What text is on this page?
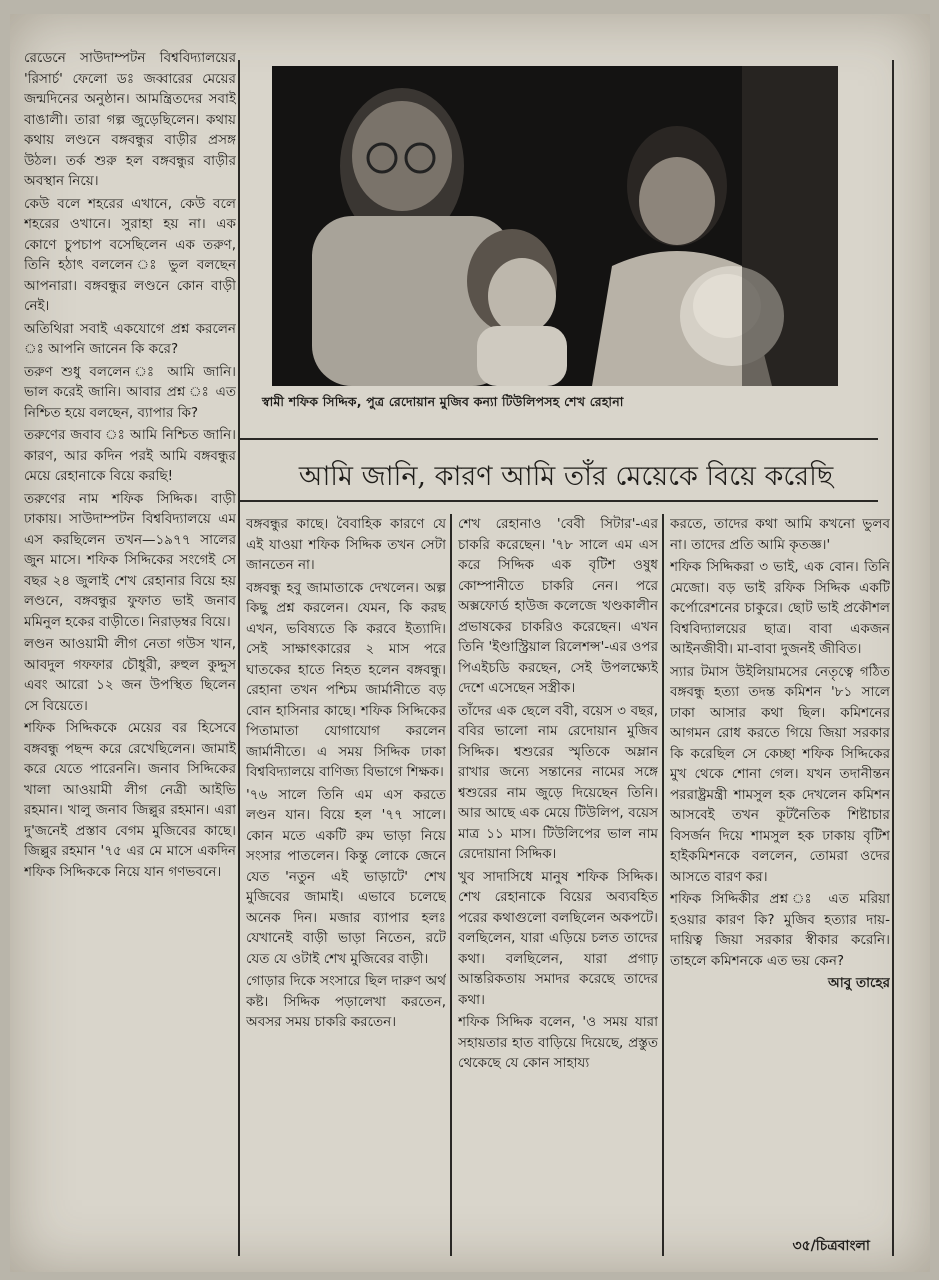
স্বামী শফিক সিদ্দিক, পুত্র রেদোয়ান মুজিব কন্যা টিউলিপসহ শেখ রেহানা
আমি জানি, কারণ আমি তাঁর মেয়েকে বিয়ে করেছি

রেডেনে সাউদাম্পটন বিশ্ববিদ্যালয়ের 'রিসার্চ' ফেলো ডঃ জব্বারের মেয়ের জন্মদিনের অনুষ্ঠান। আমন্ত্রিতদের সবাই বাঙালী। তারা গল্প জুড়েছিলেন। কথায় কথায় লণ্ডনে বঙ্গবন্ধুর বাড়ীর প্রসঙ্গ উঠল। তর্ক শুরু হল বঙ্গবন্ধুর বাড়ীর অবস্থান নিয়ে।

কেউ বলে শহরের এখানে, কেউ বলে শহরের ওখানে। সুরাহা হয় না। এক কোণে চুপচাপ বসেছিলেন এক তরুণ, তিনি হঠাৎ বললেন ঃ ভুল বলছেন আপনারা। বঙ্গবন্ধুর লণ্ডনে কোন বাড়ী নেই।

অতিথিরা সবাই একযোগে প্রশ্ন করলেন ঃ আপনি জানেন কি করে?

তরুণ শুধু বললেন ঃ আমি জানি। ভাল করেই জানি। আবার প্রশ্ন ঃ এত নিশ্চিত হয়ে বলছেন, ব্যাপার কি?

তরুণের জবাব ঃ আমি নিশ্চিত জানি। কারণ, আর কদিন পরই আমি বঙ্গবন্ধুর মেয়ে রেহানাকে বিয়ে করছি!

তরুণের নাম শফিক সিদ্দিক। বাড়ী ঢাকায়। সাউদাম্পটন বিশ্ববিদ্যালয়ে এম এস করছিলেন তখন—১৯৭৭ সালের জুন মাসে। শফিক সিদ্দিকের সংগেই সে বছর ২৪ জুলাই শেখ রেহানার বিয়ে হয় লণ্ডনে, বঙ্গবন্ধুর ফুফাত ভাই জনাব মমিনুল হকের বাড়ীতে। নিরাড়ম্বর বিয়ে।

লণ্ডন আওয়ামী লীগ নেতা গউস খান, আবদুল গফফার চৌধুরী, রুহুল কুদ্দুস এবং আরো ১২ জন উপস্থিত ছিলেন সে বিয়েতে।

শফিক সিদ্দিককে মেয়ের বর হিসেবে বঙ্গবন্ধু পছন্দ করে রেখেছিলেন। জামাই করে যেতে পারেননি। জনাব সিদ্দিকের খালা আওয়ামী লীগ নেত্রী আইভি রহমান। খালু জনাব জিল্লুর রহমান। এরা দু'জনেই প্রস্তাব বেগম মুজিবের কাছে। জিল্লুর রহমান '৭৫ এর মে মাসে একদিন শফিক সিদ্দিককে নিয়ে যান গণভবনে।

বঙ্গবন্ধুর কাছে। বৈবাহিক কারণে যে এই যাওয়া শফিক সিদ্দিক তখন সেটা জানতেন না।

বঙ্গবন্ধু হবু জামাতাকে দেখলেন। অল্প কিছু প্রশ্ন করলেন। যেমন, কি করছ এখন, ভবিষ্যতে কি করবে ইত্যাদি। সেই সাক্ষাৎকারের ২ মাস পরে ঘাতকের হাতে নিহত হলেন বঙ্গবন্ধু। রেহানা তখন পশ্চিম জার্মানীতে বড় বোন হাসিনার কাছে। শফিক সিদ্দিকের পিতামাতা যোগাযোগ করলেন জার্মানীতে। এ সময় সিদ্দিক ঢাকা বিশ্ববিদ্যালয়ে বাণিজ্য বিভাগে শিক্ষক।

'৭৬ সালে তিনি এম এস করতে লণ্ডন যান। বিয়ে হল '৭৭ সালে। কোন মতে একটি রুম ভাড়া নিয়ে সংসার পাতলেন। কিন্তু লোকে জেনে যেত 'নতুন এই ভাড়াটে' শেখ মুজিবের জামাই। এভাবে চলেছে অনেক দিন। মজার ব্যাপার হলঃ যেখানেই বাড়ী ভাড়া নিতেন, রটে যেত যে ওটাই শেখ মুজিবের বাড়ী।

গোড়ার দিকে সংসারে ছিল দারুণ অর্থ কষ্ট। সিদ্দিক পড়ালেখা করতেন, অবসর সময় চাকরি করতেন।

শেখ রেহানাও 'বেবী সিটার'-এর চাকরি করেছেন। '৭৮ সালে এম এস করে সিদ্দিক এক বৃটিশ ওষুধ কোম্পানীতে চাকরি নেন। পরে অক্সফোর্ড হাউজ কলেজে খণ্ডকালীন প্রভাষকের চাকরিও করেছেন। এখন তিনি 'ইণ্ডাস্ট্রিয়াল রিলেশন্স'-এর ওপর পিএইচডি করছেন, সেই উপলক্ষ্যেই দেশে এসেছেন সস্ত্রীক।

তাঁদের এক ছেলে ববী, বয়েস ৩ বছর, ববির ভালো নাম রেদোয়ান মুজিব সিদ্দিক। শ্বশুরের স্মৃতিকে অম্লান রাখার জন্যে সন্তানের নামের সঙ্গে শ্বশুরের নাম জুড়ে দিয়েছেন তিনি। আর আছে এক মেয়ে টিউলিপ, বয়েস মাত্র ১১ মাস। টিউলিপের ভাল নাম রেদোয়ানা সিদ্দিক।

খুব সাদাসিধে মানুষ শফিক সিদ্দিক। শেখ রেহানাকে বিয়ের অব্যবহিত পরের কথাগুলো বলছিলেন অকপটে। বলছিলেন, যারা এড়িয়ে চলত তাদের কথা। বলছিলেন, যারা প্রগাঢ় আন্তরিকতায় সমাদর করেছে তাদের কথা।

শফিক সিদ্দিক বলেন, 'ও সময় যারা সহায়তার হাত বাড়িয়ে দিয়েছে, প্রস্তুত থেকেছে যে কোন সাহায্য

করতে, তাদের কথা আমি কখনো ভুলব না। তাদের প্রতি আমি কৃতজ্ঞ।'

শফিক সিদ্দিকরা ৩ ভাই, এক বোন। তিনি মেজো। বড় ভাই রফিক সিদ্দিক একটি কর্পোরেশনের চাকুরে। ছোট ভাই প্রকৌশল বিশ্ববিদ্যালয়ের ছাত্র। বাবা একজন আইনজীবী। মা-বাবা দুজনই জীবিত।

স্যার টমাস উইলিয়ামসের নেতৃত্বে গঠিত বঙ্গবন্ধু হত্যা তদন্ত কমিশন '৮১ সালে ঢাকা আসার কথা ছিল। কমিশনের আগমন রোধ করতে গিয়ে জিয়া সরকার কি করেছিল সে কেচ্ছা শফিক সিদ্দিকের মুখ থেকে শোনা গেল। যখন তদানীন্তন পররাষ্ট্রমন্ত্রী শামসুল হক দেখলেন কমিশন আসবেই তখন কূটনৈতিক শিষ্টাচার বিসর্জন দিয়ে শামসুল হক ঢাকায় বৃটিশ হাইকমিশনকে বললেন, তোমরা ওদের আসতে বারণ কর।

শফিক সিদ্দিকীর প্রশ্ন ঃ এত মরিয়া হওয়ার কারণ কি? মুজিব হত্যার দায়-দায়িত্ব জিয়া সরকার স্বীকার করেনি। তাহলে কমিশনকে এত ভয় কেন?

আবু তাহের

৩৫/চিত্রবাংলা
